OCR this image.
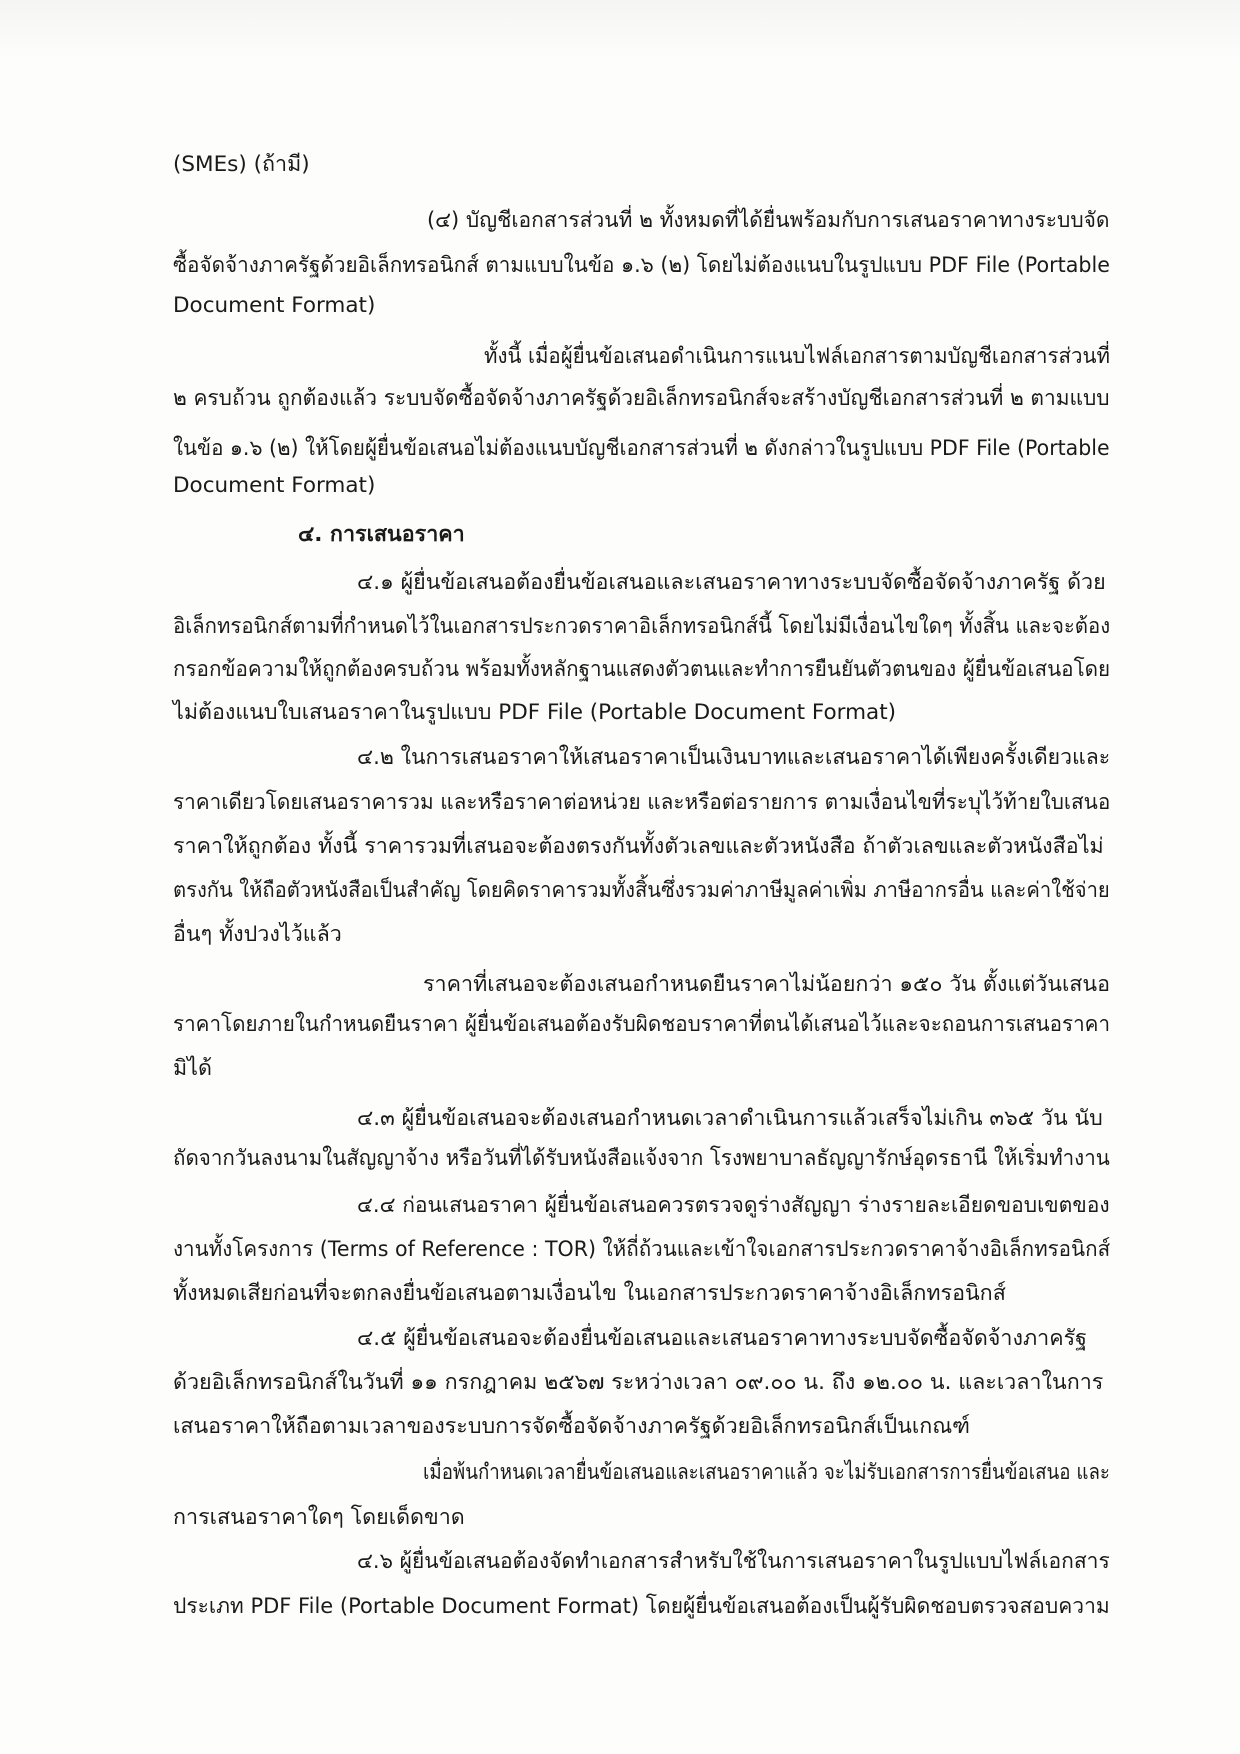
(SMEs) (ถ้ามี)
(๔) บัญชีเอกสารส่วนที่ ๒ ทั้งหมดที่ได้ยื่นพร้อมกับการเสนอราคาทางระบบจัด
ซื้อจัดจ้างภาครัฐด้วยอิเล็กทรอนิกส์ ตามแบบในข้อ ๑.๖ (๒) โดยไม่ต้องแนบในรูปแบบ PDF File (Portable
Document Format)
ทั้งนี้ เมื่อผู้ยื่นข้อเสนอดำเนินการแนบไฟล์เอกสารตามบัญชีเอกสารส่วนที่
๒ ครบถ้วน ถูกต้องแล้ว ระบบจัดซื้อจัดจ้างภาครัฐด้วยอิเล็กทรอนิกส์จะสร้างบัญชีเอกสารส่วนที่ ๒ ตามแบบ
ในข้อ ๑.๖ (๒) ให้โดยผู้ยื่นข้อเสนอไม่ต้องแนบบัญชีเอกสารส่วนที่ ๒ ดังกล่าวในรูปแบบ PDF File (Portable
Document Format)
๔. การเสนอราคา
๔.๑ ผู้ยื่นข้อเสนอต้องยื่นข้อเสนอและเสนอราคาทางระบบจัดซื้อจัดจ้างภาครัฐ ด้วย
อิเล็กทรอนิกส์ตามที่กำหนดไว้ในเอกสารประกวดราคาอิเล็กทรอนิกส์นี้ โดยไม่มีเงื่อนไขใดๆ ทั้งสิ้น และจะต้อง
กรอกข้อความให้ถูกต้องครบถ้วน พร้อมทั้งหลักฐานแสดงตัวตนและทำการยืนยันตัวตนของ ผู้ยื่นข้อเสนอโดย
ไม่ต้องแนบใบเสนอราคาในรูปแบบ PDF File (Portable Document Format)
๔.๒ ในการเสนอราคาให้เสนอราคาเป็นเงินบาทและเสนอราคาได้เพียงครั้งเดียวและ
ราคาเดียวโดยเสนอราคารวม และหรือราคาต่อหน่วย และหรือต่อรายการ ตามเงื่อนไขที่ระบุไว้ท้ายใบเสนอ
ราคาให้ถูกต้อง ทั้งนี้ ราคารวมที่เสนอจะต้องตรงกันทั้งตัวเลขและตัวหนังสือ ถ้าตัวเลขและตัวหนังสือไม่
ตรงกัน ให้ถือตัวหนังสือเป็นสำคัญ โดยคิดราคารวมทั้งสิ้นซึ่งรวมค่าภาษีมูลค่าเพิ่ม ภาษีอากรอื่น และค่าใช้จ่าย
อื่นๆ ทั้งปวงไว้แล้ว
ราคาที่เสนอจะต้องเสนอกำหนดยืนราคาไม่น้อยกว่า ๑๕๐ วัน ตั้งแต่วันเสนอ
ราคาโดยภายในกำหนดยืนราคา ผู้ยื่นข้อเสนอต้องรับผิดชอบราคาที่ตนได้เสนอไว้และจะถอนการเสนอราคา
มิได้
๔.๓ ผู้ยื่นข้อเสนอจะต้องเสนอกำหนดเวลาดำเนินการแล้วเสร็จไม่เกิน ๓๖๕ วัน นับ
ถัดจากวันลงนามในสัญญาจ้าง หรือวันที่ได้รับหนังสือแจ้งจาก โรงพยาบาลธัญญารักษ์อุดรธานี ให้เริ่มทำงาน
๔.๔ ก่อนเสนอราคา ผู้ยื่นข้อเสนอควรตรวจดูร่างสัญญา ร่างรายละเอียดขอบเขตของ
งานทั้งโครงการ (Terms of Reference : TOR) ให้ถี่ถ้วนและเข้าใจเอกสารประกวดราคาจ้างอิเล็กทรอนิกส์
ทั้งหมดเสียก่อนที่จะตกลงยื่นข้อเสนอตามเงื่อนไข ในเอกสารประกวดราคาจ้างอิเล็กทรอนิกส์
๔.๕ ผู้ยื่นข้อเสนอจะต้องยื่นข้อเสนอและเสนอราคาทางระบบจัดซื้อจัดจ้างภาครัฐ
ด้วยอิเล็กทรอนิกส์ในวันที่ ๑๑ กรกฎาคม ๒๕๖๗ ระหว่างเวลา ๐๙.๐๐ น. ถึง ๑๒.๐๐ น. และเวลาในการ
เสนอราคาให้ถือตามเวลาของระบบการจัดซื้อจัดจ้างภาครัฐด้วยอิเล็กทรอนิกส์เป็นเกณฑ์
เมื่อพ้นกำหนดเวลายื่นข้อเสนอและเสนอราคาแล้ว จะไม่รับเอกสารการยื่นข้อเสนอ และ
การเสนอราคาใดๆ โดยเด็ดขาด
๔.๖ ผู้ยื่นข้อเสนอต้องจัดทำเอกสารสำหรับใช้ในการเสนอราคาในรูปแบบไฟล์เอกสาร
ประเภท PDF File (Portable Document Format) โดยผู้ยื่นข้อเสนอต้องเป็นผู้รับผิดชอบตรวจสอบความ
